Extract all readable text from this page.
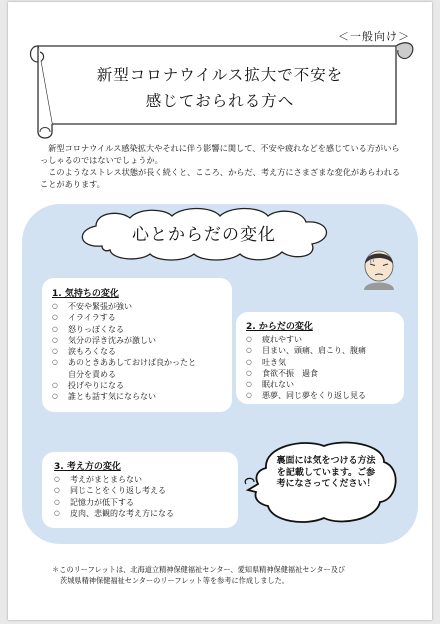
＜一般向け＞
新型コロナウイルス拡大で不安を
感じておられる方へ

新型コロナウイルス感染拡大やそれに伴う影響に関して、不安や疲れなどを感じている方がいらっしゃるのではないでしょうか。

このようなストレス状態が長く続くと、こころ、からだ、考え方にさまざまな変化があらわれることがあります。

心とからだの変化
1. 気持ちの変化
○ 不安や緊張が強い
○ イライラする
○ 怒りっぽくなる
○ 気分の浮き沈みが激しい
○ 涙もろくなる
○ あのときああしておけば良かったと
自分を責める
○ 投げやりになる
○ 誰とも話す気にならない
2. からだの変化
○ 疲れやすい
○ 目まい、頭痛、肩こり、腹痛
○ 吐き気
○ 食欲不振　過食
○ 眠れない
○ 悪夢、同じ夢をくり返し見る
3. 考え方の変化
○ 考えがまとまらない
○ 同じことをくり返し考える
○ 記憶力が低下する
○ 皮肉、悲観的な考え方になる
裏面には気をつける方法を記載しています。ご参考になさってください！

＊このリーフレットは、北海道立精神保健福祉センター、愛知県精神保健福祉センター及び

茨城県精神保健福祉センターのリーフレット等を参考に作成しました。
